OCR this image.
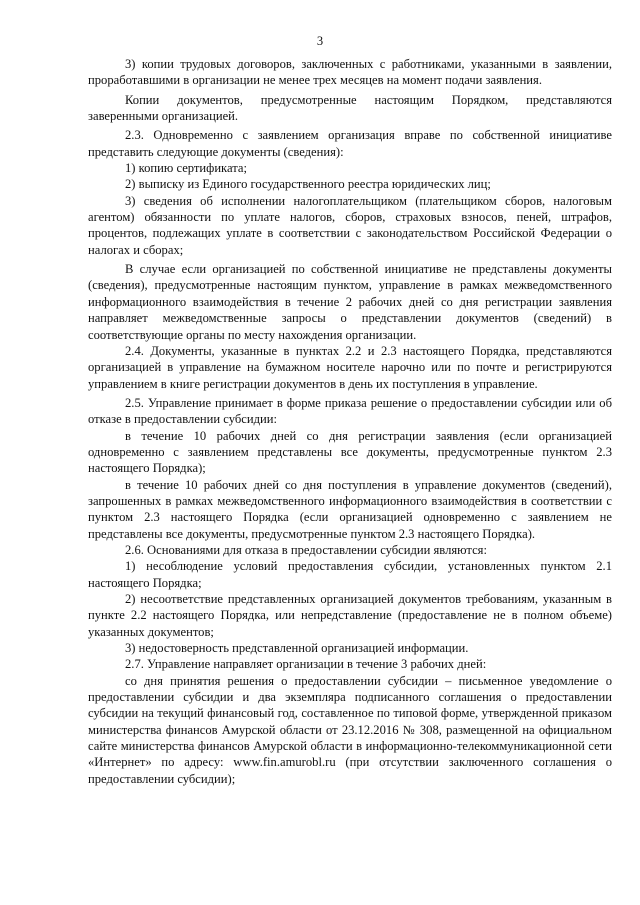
3

3) копии трудовых договоров, заключенных с работниками, указанными в заявлении, проработавшими в организации не менее трех месяцев на момент подачи заявления.

Копии документов, предусмотренные настоящим Порядком, представляются заверенными организацией.

2.3. Одновременно с заявлением организация вправе по собственной инициативе представить следующие документы (сведения):

1) копию сертификата;

2) выписку из Единого государственного реестра юридических лиц;

3) сведения об исполнении налогоплательщиком (плательщиком сборов, налоговым агентом) обязанности по уплате налогов, сборов, страховых взносов, пеней, штрафов, процентов, подлежащих уплате в соответствии с законодательством Российской Федерации о налогах и сборах;

В случае если организацией по собственной инициативе не представлены документы (сведения), предусмотренные настоящим пунктом, управление в рамках межведомственного информационного взаимодействия в течение 2 рабочих дней со дня регистрации заявления направляет межведомственные запросы о представлении документов (сведений) в соответствующие органы по месту нахождения организации.

2.4. Документы, указанные в пунктах 2.2 и 2.3 настоящего Порядка, представляются организацией в управление на бумажном носителе нарочно или по почте и регистрируются управлением в книге регистрации документов в день их поступления в управление.

2.5. Управление принимает в форме приказа решение о предоставлении субсидии или об отказе в предоставлении субсидии:

в течение 10 рабочих дней со дня регистрации заявления (если организацией одновременно с заявлением представлены все документы, предусмотренные пунктом 2.3 настоящего Порядка);

в течение 10 рабочих дней со дня поступления в управление документов (сведений), запрошенных в рамках межведомственного информационного взаимодействия в соответствии с пунктом 2.3 настоящего Порядка (если организацией одновременно с заявлением не представлены все документы, предусмотренные пунктом 2.3 настоящего Порядка).

2.6. Основаниями для отказа в предоставлении субсидии являются:

1) несоблюдение условий предоставления субсидии, установленных пунктом 2.1 настоящего Порядка;

2) несоответствие представленных организацией документов требованиям, указанным в пункте 2.2 настоящего Порядка, или непредставление (предоставление не в полном объеме) указанных документов;

3) недостоверность представленной организацией информации.

2.7. Управление направляет организации в течение 3 рабочих дней:

со дня принятия решения о предоставлении субсидии – письменное уведомление о предоставлении субсидии и два экземпляра подписанного соглашения о предоставлении субсидии на текущий финансовый год, составленное по типовой форме, утвержденной приказом министерства финансов Амурской области от 23.12.2016 № 308, размещенной на официальном сайте министерства финансов Амурской области в информационно-телекоммуникационной сети «Интернет» по адресу: www.fin.amurobl.ru (при отсутствии заключенного соглашения о предоставлении субсидии);
